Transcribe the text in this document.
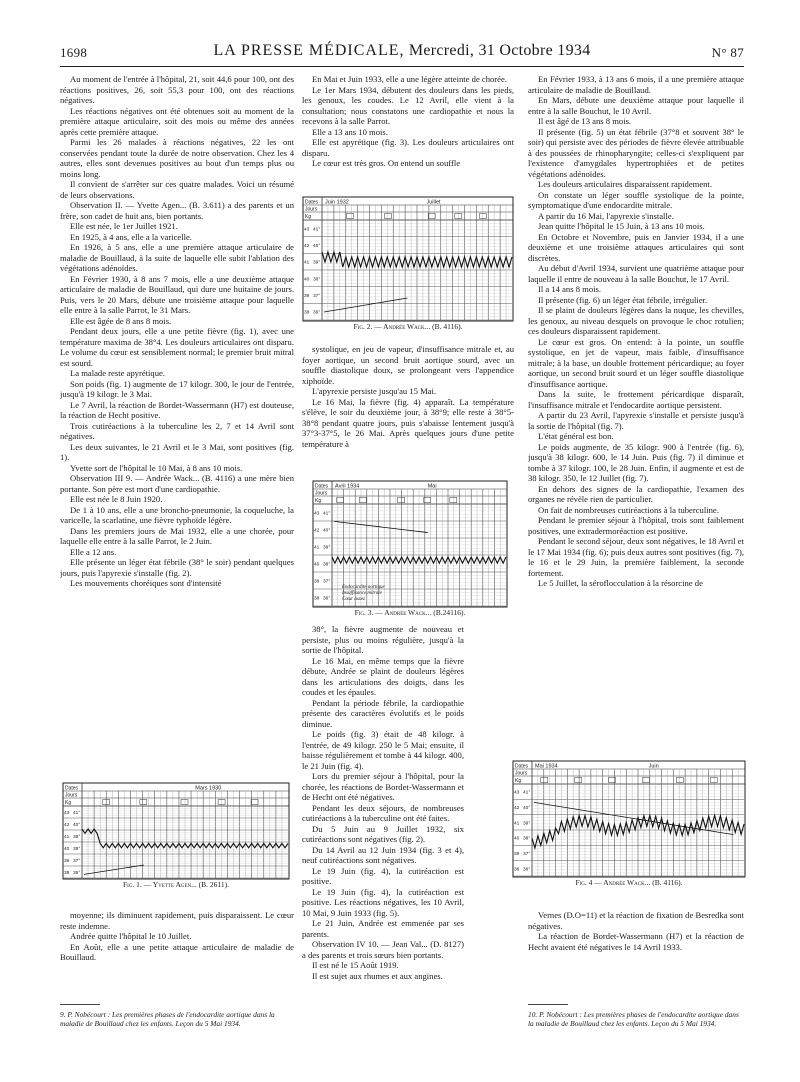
1698	LA PRESSE MÉDICALE, Mercredi, 31 Octobre 1934	N° 87

Au moment de l'entrée à l'hôpital, 21, soit 44,6 pour 100, ont des réactions positives, 26, soit 55,3 pour 100, ont des réactions négatives.

Les réactions négatives ont été obtenues soit au moment de la première attaque articulaire, soit des mois ou même des années après cette première attaque.

Parmi les 26 malades à réactions négatives, 22 les ont conservées pendant toute la durée de notre observation. Chez les 4 autres, elles sont devenues positives au bout d'un temps plus ou moins long.

Il convient de s'arrêter sur ces quatre malades. Voici un résumé de leurs observations.

Observation II. — Yvette Agen... (B. 3.611) a des parents et un frère, son cadet de huit ans, bien portants.

Elle est née, le 1er Juillet 1921.

En 1925, à 4 ans, elle a la varicelle.

En 1926, à 5 ans, elle a une première attaque articulaire de maladie de Bouillaud, à la suite de laquelle elle subit l'ablation des végétations adénoïdes.

En Février 1930, à 8 ans 7 mois, elle a une deuxième attaque articulaire de maladie de Bouillaud, qui dure une huitaine de jours. Puis, vers le 20 Mars, débute une troisième attaque pour laquelle elle entre à la salle Parrot, le 31 Mars.

Elle est âgée de 8 ans 8 mois.

Pendant deux jours, elle a une petite fièvre (fig. 1), avec une température maxima de 38°4. Les douleurs articulaires ont disparu. Le volume du cœur est sensiblement normal; le premier bruit mitral est sourd.

La malade reste apyrétique.

Son poids (fig. 1) augmente de 17 kilogr. 300, le jour de l'entrée, jusqu'à 19 kilogr. le 3 Mai.

Le 7 Avril, la réaction de Bordet-Wassermann (H7) est douteuse, la réaction de Hecht positive.

Trois cutiréactions à la tuberculine les 2, 7 et 14 Avril sont négatives.

Les deux suivantes, le 21 Avril et le 3 Mai, sont positives (fig. 1).

Yvette sort de l'hôpital le 10 Mai, à 8 ans 10 mois.

Observation III 9. — Andrée Wack... (B. 4116) a une mère bien portante. Son père est mort d'une cardiopathie.

Elle est née le 8 Juin 1920.

De 1 à 10 ans, elle a une broncho-pneumonie, la coqueluche, la varicelle, la scarlatine, une fièvre typhoïde légère.

Dans les premiers jours de Mai 1932, elle a une chorée, pour laquelle elle entre à la salle Parrot, le 2 Juin.

Elle a 12 ans.

Elle présente un léger état fébrile (38° le soir) pendant quelques jours, puis l'apyrexie s'installe (fig. 2).

Les mouvements choréiques sont d'intensité

Dates
Jours
Kg
Mars 1930
41°
43
40°
42
39°
41
38°
40
37°
39
36°
38
Fig. 1. — Yvette Agen... (B. 2611).

moyenne; ils diminuent rapidement, puis disparaissent. Le cœur reste indemne.

Andrée quitte l'hôpital le 10 Juillet.

En Août, elle a une petite attaque articulaire de maladie de Bouillaud.

9. P. Nobécourt : Les premières phases de l'endocardite aortique dans la maladie de Bouillaud chez les enfants. Leçon du 5 Mai 1934.

En Mai et Juin 1933, elle a une légère atteinte de chorée.

Le 1er Mars 1934, débutent des douleurs dans les pieds, les genoux, les coudes. Le 12 Avril, elle vient à la consultation; nous constatons une cardiopathie et nous la recevons à la salle Parrot.

Elle a 13 ans 10 mois.

Elle est apyrétique (fig. 3). Les douleurs articulaires ont disparu.

Le cœur est très gros. On entend un souffle

Dates
Jours
Kg
Juin 1932	Juillet
41°
43
40°
42
39°
41
38°
40
37°
39
36°
38
Fig. 2. — Andrée Wack... (B. 4116).

systolique, en jeu de vapeur, d'insuffisance mitrale et, au foyer aortique, un second bruit aortique sourd, avec un souffle diastolique doux, se prolongeant vers l'appendice xiphoïde.

L'apyrexie persiste jusqu'au 15 Mai.

Le 16 Mai, la fièvre (fig. 4) apparaît. La température s'élève, le soir du deuxième jour, à 38°9; elle reste à 38°5-38°8 pendant quatre jours, puis s'abaisse lentement jusqu'à 37°3-37°5, le 26 Mai. Après quelques jours d'une petite température à

Dates
Jours
Kg
Avril 1934	Mai
41°
43
40°
42
39°
41
38°
40
37°
39
36°
38
Endocardite aortique
Insuffisance mitrale
Cœur assez
Fig. 3. — Andrée Wack... (B.24116).

38°, la fièvre augmente de nouveau et persiste, plus ou moins régulière, jusqu'à la sortie de l'hôpital.

Le 16 Mai, en même temps que la fièvre débute, Andrée se plaint de douleurs légères dans les articulations des doigts, dans les coudes et les épaules.

Pendant la période fébrile, la cardiopathie présente des caractères évolutifs et le poids diminue.

Le poids (fig. 3) était de 48 kilogr. à l'entrée, de 49 kilogr. 250 le 5 Mai; ensuite, il baisse régulièrement et tombe à 44 kilogr. 400, le 21 Juin (fig. 4).

Lors du premier séjour à l'hôpital, pour la chorée, les réactions de Bordet-Wassermann et de Hecht ont été négatives.

Pendant les deux séjours, de nombreuses cutiréactions à la tuberculine ont été faites.

Du 5 Juin au 9 Juillet 1932, six cutiréactions sont négatives (fig. 2).

Du 14 Avril au 12 Juin 1934 (fig. 3 et 4), neuf cutiréactions sont négatives.

Le 19 Juin (fig. 4), la cutiréaction est positive.

Le 19 Juin (fig. 4), la cutiréaction est positive. Les réactions négatives, les 10 Avril, 10 Mai, 9 Juin 1933 (fig. 5).

Le 21 Juin, Andrée est emmenée par ses parents.

Observation IV 10. — Jean Val... (D. 8127) a des parents et trois sœurs bien portants.

Il est né le 15 Août 1919.

Il est sujet aux rhumes et aux angines.

En Février 1933, à 13 ans 6 mois, il a une première attaque articulaire de maladie de Bouillaud.

En Mars, débute une deuxième attaque pour laquelle il entre à la salle Bouchut, le 10 Avril.

Il est âgé de 13 ans 8 mois.

Il présente (fig. 5) un état fébrile (37°8 et souvent 38° le soir) qui persiste avec des périodes de fièvre élevée attribuable à des poussées de rhinopharyngite; celles-ci s'expliquent par l'existence d'amygdales hypertrophiées et de petites végétations adénoïdes.

Les douleurs articulaires disparaissent rapidement.

On constate un léger souffle systolique de la pointe, symptomatique d'une endocardite mitrale.

A partir du 16 Mai, l'apyrexie s'installe.

Jean quitte l'hôpital le 15 Juin, à 13 ans 10 mois.

En Octobre et Novembre, puis en Janvier 1934, il a une deuxième et une troisième attaques articulaires qui sont discrètes.

Au début d'Avril 1934, survient une quatrième attaque pour laquelle il entre de nouveau à la salle Bouchut, le 17 Avril.

Il a 14 ans 8 mois.

Il présente (fig. 6) un léger état fébrile, irrégulier.

Il se plaint de douleurs légères dans la nuque, les chevilles, les genoux, au niveau desquels on provoque le choc rotulien; ces douleurs disparaissent rapidement.

Le cœur est gros. On entend: à la pointe, un souffle systolique, en jet de vapeur, mais faible, d'insuffisance mitrale; à la base, un double frottement péricardique; au foyer aortique, un second bruit sourd et un léger souffle diastolique d'insuffisance aortique.

Dans la suite, le frottement péricardique disparaît, l'insuffisance mitrale et l'endocardite aortique persistent.

A partir du 23 Avril, l'apyrexie s'installe et persiste jusqu'à la sortie de l'hôpital (fig. 7).

L'état général est bon.

Le poids augmente, de 35 kilogr. 900 à l'entrée (fig. 6), jusqu'à 38 kilogr. 600, le 14 Juin. Puis (fig. 7) il diminue et tombe à 37 kilogr. 100, le 28 Juin. Enfin, il augmente et est de 38 kilogr. 350, le 12 Juillet (fig. 7).

En dehors des signes de la cardiopathie, l'examen des organes ne révèle rien de particulier.

On fait de nombreuses cutiréactions à la tuberculine.

Pendant le premier séjour à l'hôpital, trois sont faiblement positives, une extradermoréaction est positive.

Pendant le second séjour, deux sont négatives, le 18 Avril et le 17 Mai 1934 (fig. 6); puis deux autres sont positives (fig. 7), le 16 et le 29 Juin, la première faiblement, la seconde fortement.

Le 5 Juillet, la séroflocculation à la résorcine de

Dates
Jours
Kg
Mai 1934	Juin
41°
43
40°
42
39°
41
38°
40
37°
39
36°
38
Fig. 4 — Andrée Wack... (B. 4116).

Vernes (D.O=11) et la réaction de fixation de Besredka sont négatives.

La réaction de Bordet-Wassermann (H7) et la réaction de Hecht avaient été négatives le 14 Avril 1933.

10. P. Nobécourt : Les premières phases de l'endocardite aortique dans la maladie de Bouillaud chez les enfants. Leçon du 5 Mai 1934.
